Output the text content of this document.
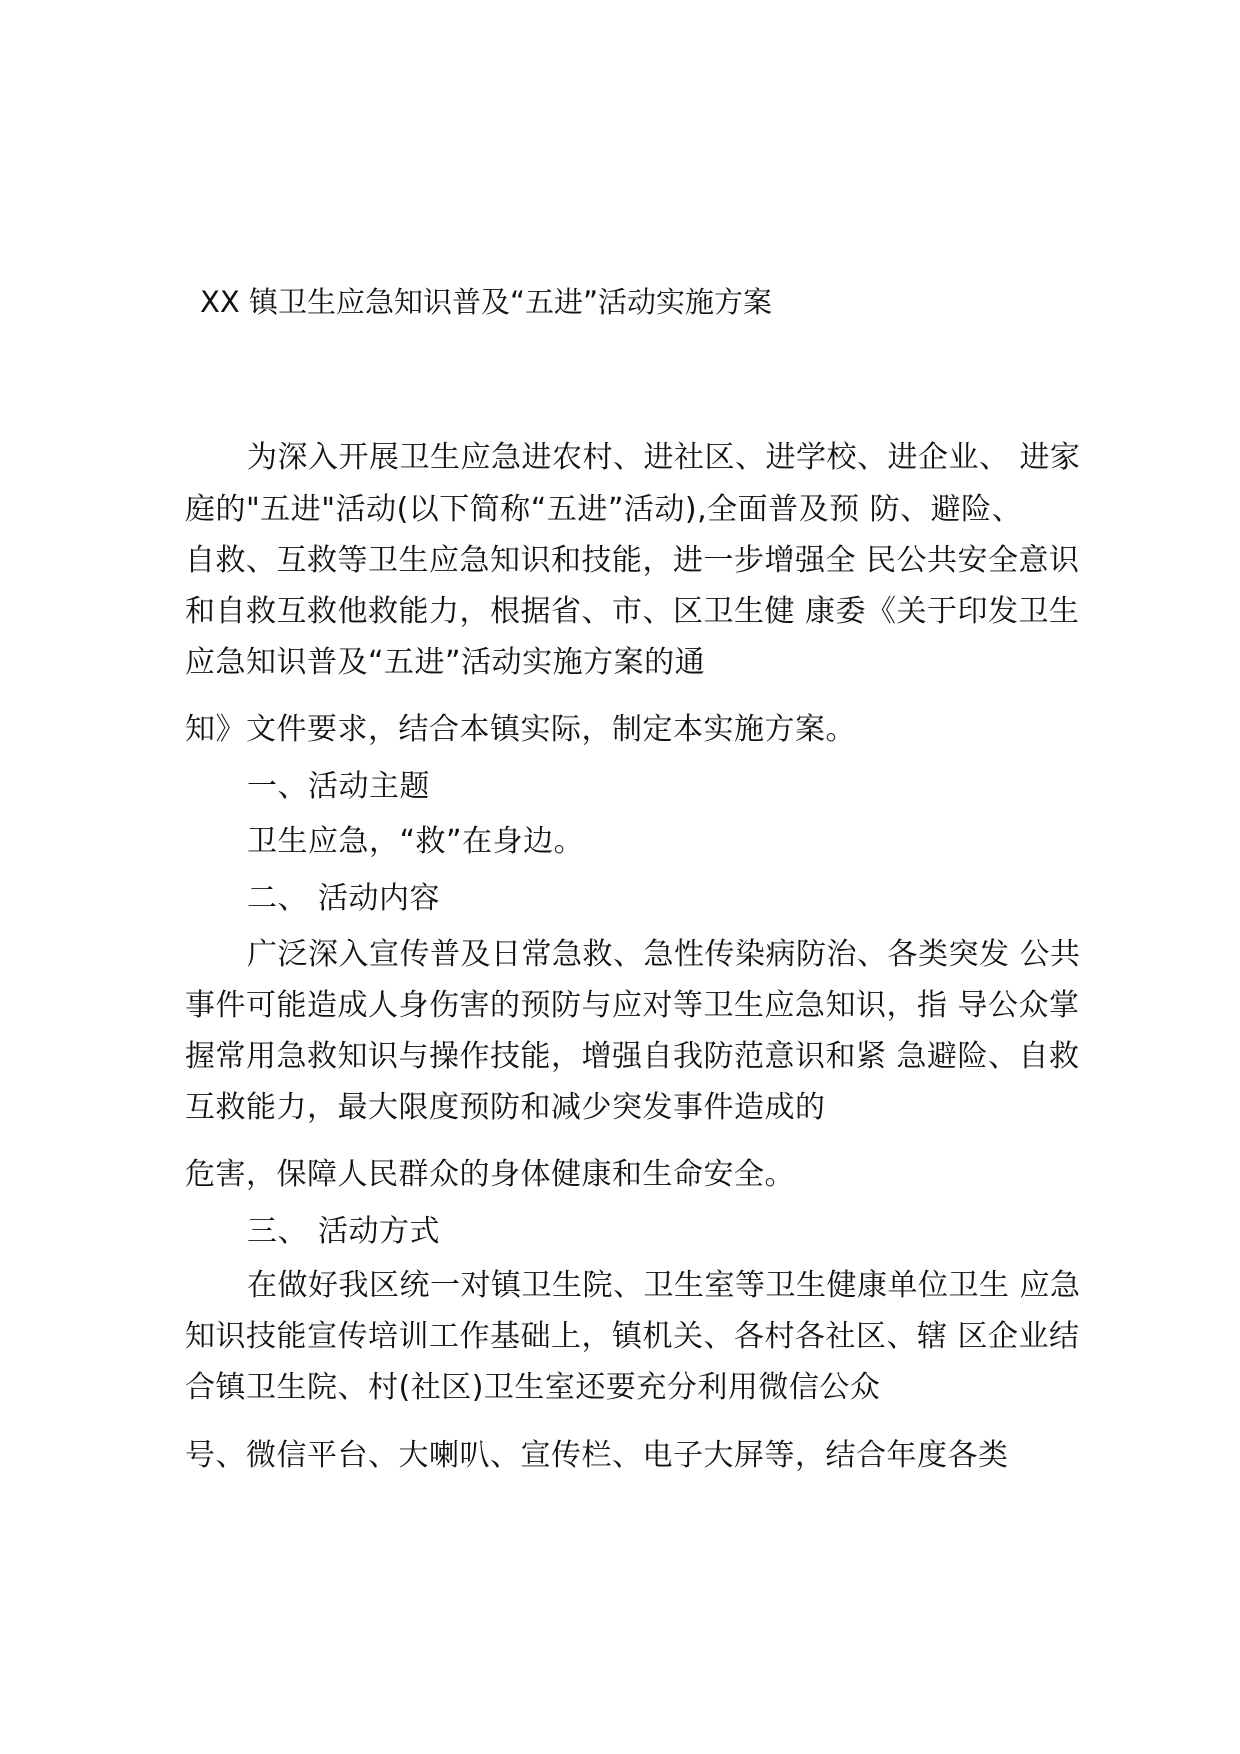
XX 镇卫生应急知识普及“五进”活动实施方案
为深入开展卫生应急进农村、进社区、进学校、进企业、 进家
庭的"五进"活动(以下简称“五进”活动),全面普及预 防、避险、
自救、互救等卫生应急知识和技能，进一步增强全 民公共安全意识
和自救互救他救能力，根据省、市、区卫生健 康委《关于印发卫生
应急知识普及“五进”活动实施方案的通
知》文件要求，结合本镇实际，制定本实施方案。
一、活动主题
卫生应急，“救”在身边。
二、 活动内容
广泛深入宣传普及日常急救、急性传染病防治、各类突发 公共
事件可能造成人身伤害的预防与应对等卫生应急知识，指 导公众掌
握常用急救知识与操作技能，增强自我防范意识和紧 急避险、自救
互救能力，最大限度预防和减少突发事件造成的
危害，保障人民群众的身体健康和生命安全。
三、 活动方式
在做好我区统一对镇卫生院、卫生室等卫生健康单位卫生 应急
知识技能宣传培训工作基础上，镇机关、各村各社区、辖 区企业结
合镇卫生院、村(社区)卫生室还要充分利用微信公众
号、微信平台、大喇叭、宣传栏、电子大屏等，结合年度各类
